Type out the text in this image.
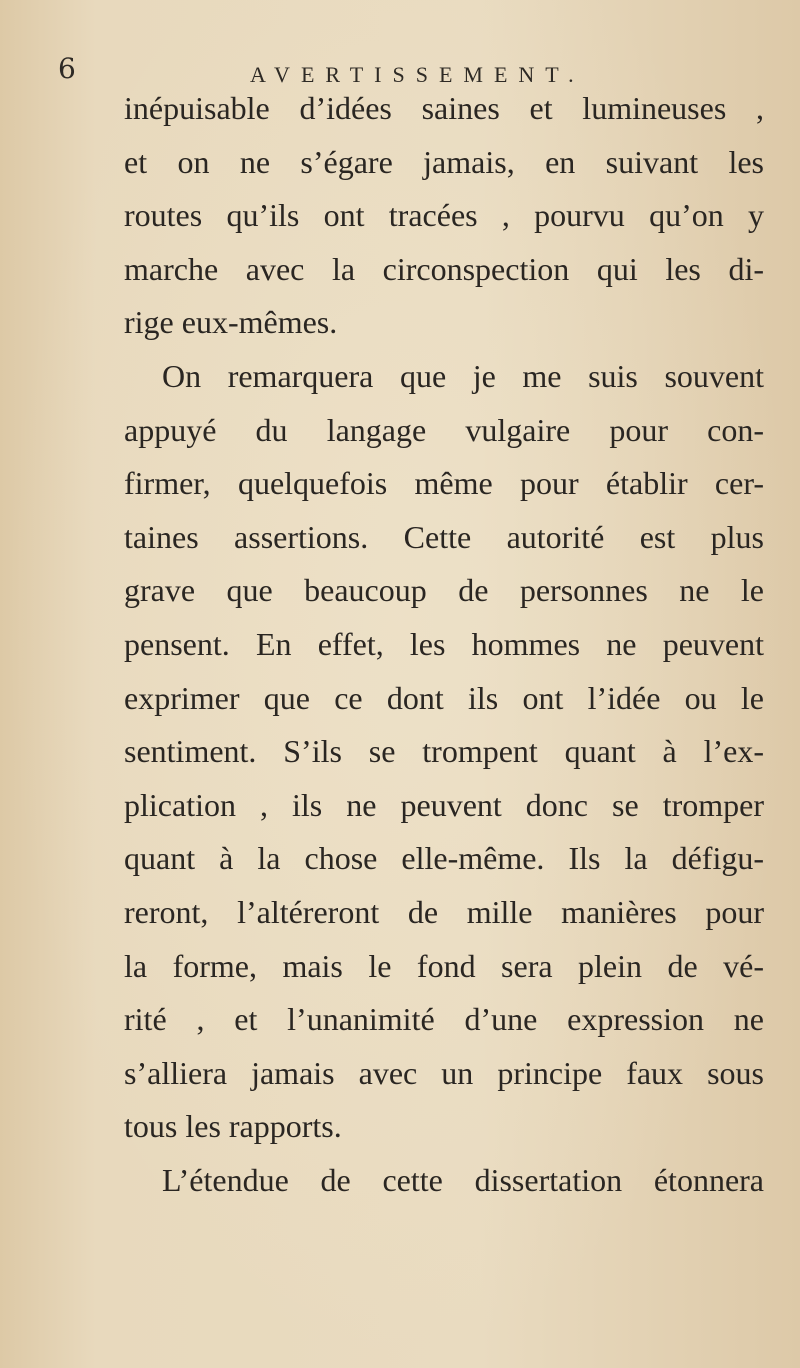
6	AVERTISSEMENT.
inépuisable d’idées saines et lumineuses ,
et on ne s’égare jamais, en suivant les
routes qu’ils ont tracées , pourvu qu’on y
marche avec la circonspection qui les di-
rige eux-mêmes.
On remarquera que je me suis souvent
appuyé du langage vulgaire pour con-
firmer, quelquefois même pour établir cer-
taines assertions. Cette autorité est plus
grave que beaucoup de personnes ne le
pensent. En effet, les hommes ne peuvent
exprimer que ce dont ils ont l’idée ou le
sentiment. S’ils se trompent quant à l’ex-
plication , ils ne peuvent donc se tromper
quant à la chose elle-même. Ils la défigu-
reront, l’altéreront de mille manières pour
la forme, mais le fond sera plein de vé-
rité , et l’unanimité d’une expression ne
s’alliera jamais avec un principe faux sous
tous les rapports.
L’étendue de cette dissertation étonnera
